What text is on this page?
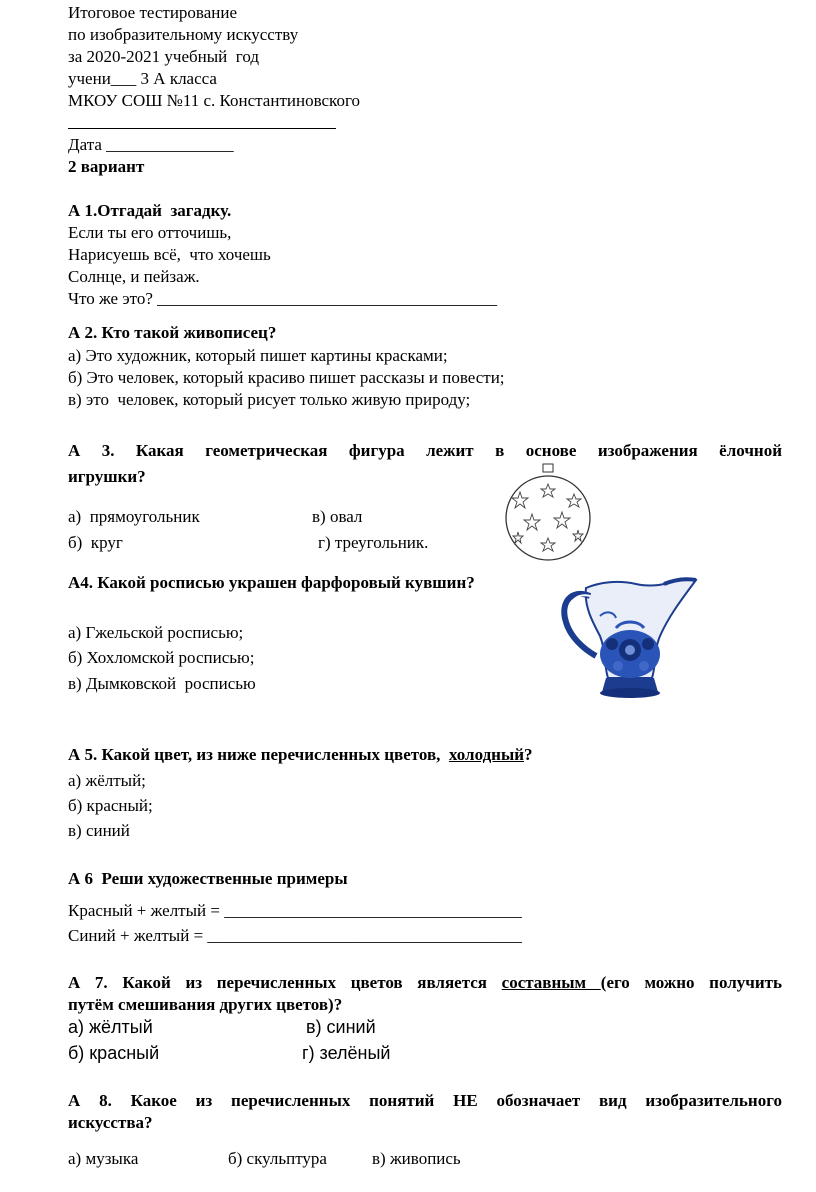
Итоговое тестирование
по изобразительному искусству
за 2020-2021 учебный  год
учени___ 3 А класса
МКОУ СОШ №11 с. Константиновского
Дата _______________
2 вариант
А 1.Отгадай  загадку.
Если ты его отточишь,
Нарисуешь всё,  что хочешь
Солнце, и пейзаж.
Что же это? ________________________________________
А 2. Кто такой живописец?
а) Это художник, который пишет картины красками;
б) Это человек, который красиво пишет рассказы и повести;
в) это  человек, который рисует только живую природу;
А 3. Какая геометрическая фигура лежит в основе изображения ёлочной
игрушки?
а)  прямоугольник	в) овал
б)  круг	г) треугольник.
А4. Какой росписью украшен фарфоровый кувшин?
а) Гжельской росписью;
б) Хохломской росписью;
в) Дымковской  росписью
А 5. Какой цвет, из ниже перечисленных цветов,  холодный?
а) жёлтый;
б) красный;
в) синий
А 6  Реши художественные примеры
Красный + желтый = ___________________________________
Синий + желтый = _____________________________________
А 7. Какой из перечисленных цветов является составным (его можно получить
путём смешивания других цветов)?
а) жёлтый	в) синий
б) красный	г) зелёный
А 8. Какое из перечисленных понятий НЕ обозначает вид изобразительного
искусства?
а) музыка	б) скульптура	в) живопись
